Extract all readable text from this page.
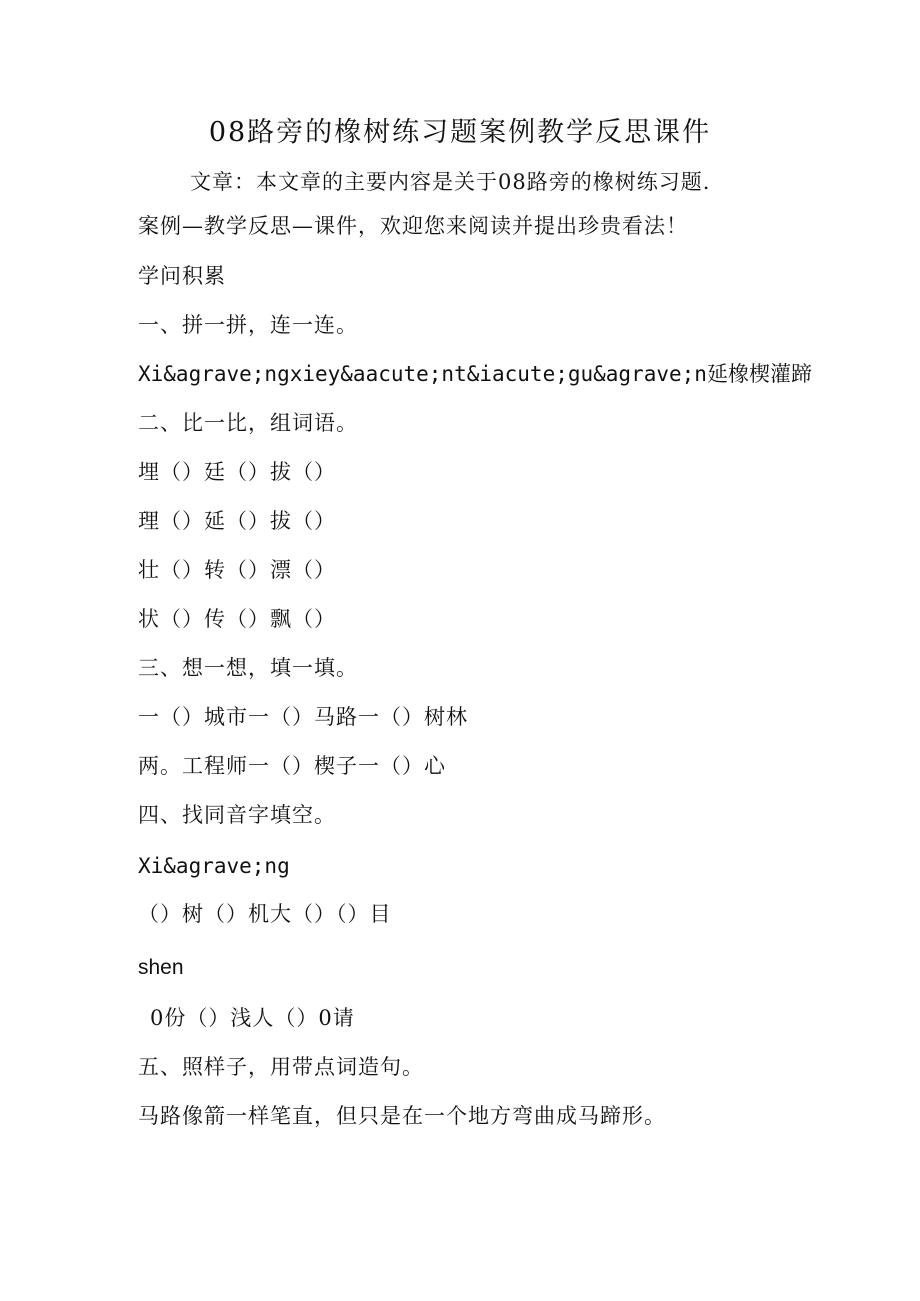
08路旁的橡树练习题案例教学反思课件
文章：本文章的主要内容是关于08路旁的橡树练习题.
案例—教学反思—课件，欢迎您来阅读并提出珍贵看法！
学问积累
一、拼一拼，连一连。
Xi&agrave;ngxiey&aacute;nt&iacute;gu&agrave;n延橡楔灌蹄
二、比一比，组词语。
埋（）廷（）拔（）
理（）延（）拔（）
壮（）转（）漂（）
状（）传（）飘（）
三、想一想，填一填。
一（）城市一（）马路一（）树林
两。工程师一（）楔子一（）心
四、找同音字填空。
Xi&agrave;ng
（）树（）机大（）（）目
shen
0份（）浅人（）0请
五、照样子，用带点词造句。
马路像箭一样笔直，但只是在一个地方弯曲成马蹄形。
